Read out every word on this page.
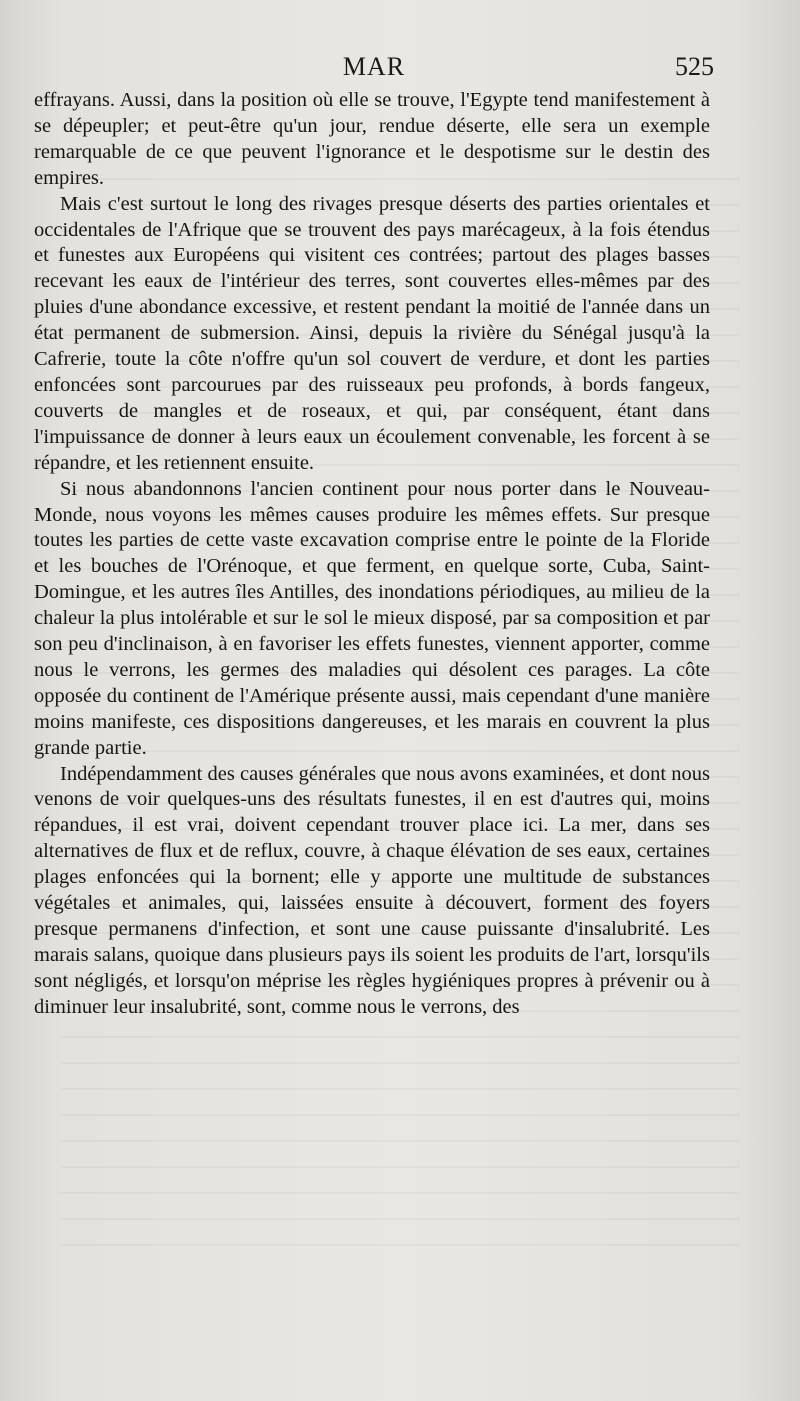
MAR	525

effrayans. Aussi, dans la position où elle se trouve, l'Egypte tend manifestement à se dépeupler; et peut-être qu'un jour, rendue déserte, elle sera un exemple remarquable de ce que peuvent l'ignorance et le despotisme sur le destin des empires.

Mais c'est surtout le long des rivages presque déserts des parties orientales et occidentales de l'Afrique que se trouvent des pays marécageux, à la fois étendus et funestes aux Européens qui visitent ces contrées; partout des plages basses recevant les eaux de l'intérieur des terres, sont couvertes elles-mêmes par des pluies d'une abondance excessive, et restent pendant la moitié de l'année dans un état permanent de submersion. Ainsi, depuis la rivière du Sénégal jusqu'à la Cafrerie, toute la côte n'offre qu'un sol couvert de verdure, et dont les parties enfoncées sont parcourues par des ruisseaux peu profonds, à bords fangeux, couverts de mangles et de roseaux, et qui, par conséquent, étant dans l'impuissance de donner à leurs eaux un écoulement convenable, les forcent à se répandre, et les retiennent ensuite.

Si nous abandonnons l'ancien continent pour nous porter dans le Nouveau-Monde, nous voyons les mêmes causes produire les mêmes effets. Sur presque toutes les parties de cette vaste excavation comprise entre le pointe de la Floride et les bouches de l'Orénoque, et que ferment, en quelque sorte, Cuba, Saint-Domingue, et les autres îles Antilles, des inondations périodiques, au milieu de la chaleur la plus intolérable et sur le sol le mieux disposé, par sa composition et par son peu d'inclinaison, à en favoriser les effets funestes, viennent apporter, comme nous le verrons, les germes des maladies qui désolent ces parages. La côte opposée du continent de l'Amérique présente aussi, mais cependant d'une manière moins manifeste, ces dispositions dangereuses, et les marais en couvrent la plus grande partie.

Indépendamment des causes générales que nous avons examinées, et dont nous venons de voir quelques-uns des résultats funestes, il en est d'autres qui, moins répandues, il est vrai, doivent cependant trouver place ici. La mer, dans ses alternatives de flux et de reflux, couvre, à chaque élévation de ses eaux, certaines plages enfoncées qui la bornent; elle y apporte une multitude de substances végétales et animales, qui, laissées ensuite à découvert, forment des foyers presque permanens d'infection, et sont une cause puissante d'insalubrité. Les marais salans, quoique dans plusieurs pays ils soient les produits de l'art, lorsqu'ils sont négligés, et lorsqu'on méprise les règles hygiéniques propres à prévenir ou à diminuer leur insalubrité, sont, comme nous le verrons, des
